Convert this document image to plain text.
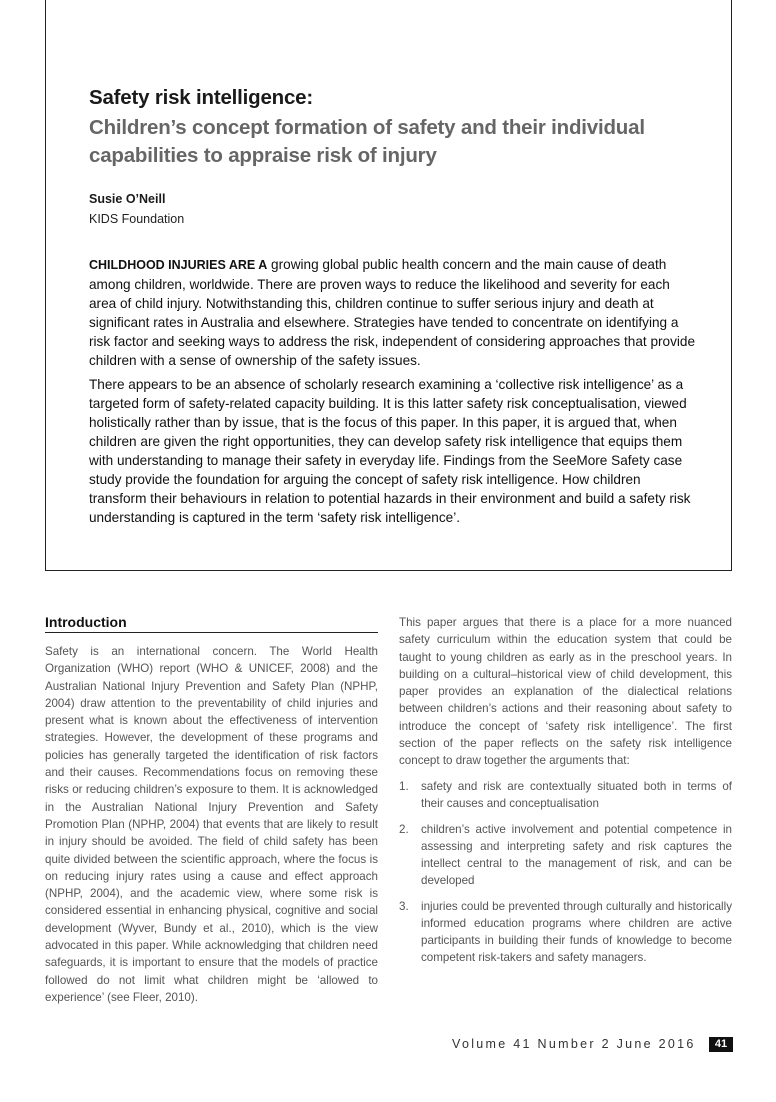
Safety risk intelligence:
Children’s concept formation of safety and their individual capabilities to appraise risk of injury
Susie O’Neill
KIDS Foundation

CHILDHOOD INJURIES ARE A growing global public health concern and the main cause of death among children, worldwide. There are proven ways to reduce the likelihood and severity for each area of child injury. Notwithstanding this, children continue to suffer serious injury and death at significant rates in Australia and elsewhere. Strategies have tended to concentrate on identifying a risk factor and seeking ways to address the risk, independent of considering approaches that provide children with a sense of ownership of the safety issues.

There appears to be an absence of scholarly research examining a ‘collective risk intelligence’ as a targeted form of safety-related capacity building. It is this latter safety risk conceptualisation, viewed holistically rather than by issue, that is the focus of this paper. In this paper, it is argued that, when children are given the right opportunities, they can develop safety risk intelligence that equips them with understanding to manage their safety in everyday life. Findings from the SeeMore Safety case study provide the foundation for arguing the concept of safety risk intelligence. How children transform their behaviours in relation to potential hazards in their environment and build a safety risk understanding is captured in the term ‘safety risk intelligence’.

Introduction

Safety is an international concern. The World Health Organization (WHO) report (WHO & UNICEF, 2008) and the Australian National Injury Prevention and Safety Plan (NPHP, 2004) draw attention to the preventability of child injuries and present what is known about the effectiveness of intervention strategies. However, the development of these programs and policies has generally targeted the identification of risk factors and their causes. Recommendations focus on removing these risks or reducing children’s exposure to them. It is acknowledged in the Australian National Injury Prevention and Safety Promotion Plan (NPHP, 2004) that events that are likely to result in injury should be avoided. The field of child safety has been quite divided between the scientific approach, where the focus is on reducing injury rates using a cause and effect approach (NPHP, 2004), and the academic view, where some risk is considered essential in enhancing physical, cognitive and social development (Wyver, Bundy et al., 2010), which is the view advocated in this paper. While acknowledging that children need safeguards, it is important to ensure that the models of practice followed do not limit what children might be ‘allowed to experience’ (see Fleer, 2010).

This paper argues that there is a place for a more nuanced safety curriculum within the education system that could be taught to young children as early as in the preschool years. In building on a cultural–historical view of child development, this paper provides an explanation of the dialectical relations between children’s actions and their reasoning about safety to introduce the concept of ‘safety risk intelligence’. The first section of the paper reflects on the safety risk intelligence concept to draw together the arguments that:

1. safety and risk are contextually situated both in terms of their causes and conceptualisation
2. children’s active involvement and potential competence in assessing and interpreting safety and risk captures the intellect central to the management of risk, and can be developed
3. injuries could be prevented through culturally and historically informed education programs where children are active participants in building their funds of knowledge to become competent risk-takers and safety managers.
Volume 41 Number 2 June 2016	41
